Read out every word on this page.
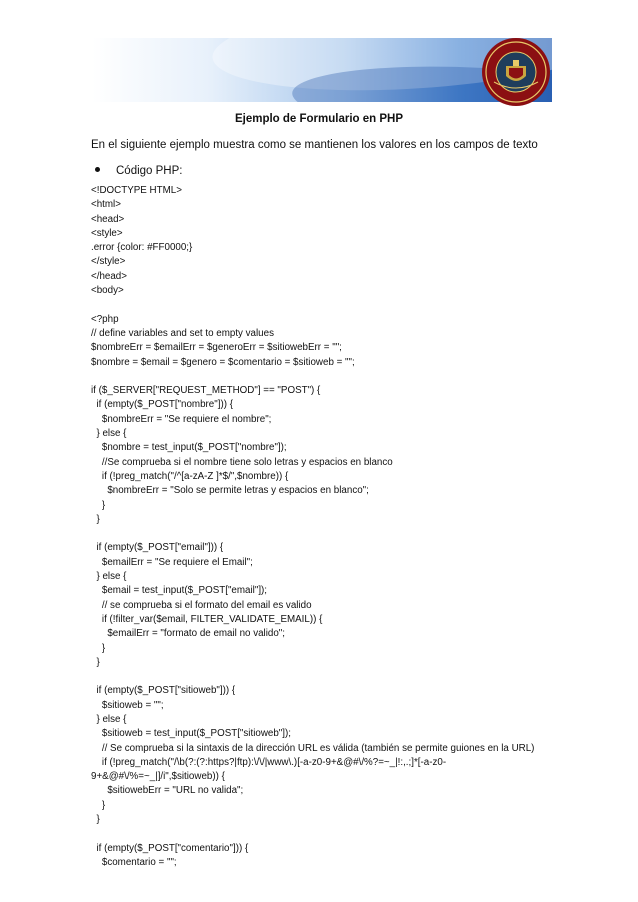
Ejemplo de Formulario en PHP
En el siguiente ejemplo muestra como se mantienen los valores en los campos de texto
Código PHP:
<!DOCTYPE HTML>
<html>
<head>
<style>
.error {color: #FF0000;}
</style>
</head>
<body>
<?php
// define variables and set to empty values
$nombreErr = $emailErr = $generoErr = $sitiowebErr = "";
$nombre = $email = $genero = $comentario = $sitioweb = "";
if ($_SERVER["REQUEST_METHOD"] == "POST") {
if (empty($_POST["nombre"])) {
$nombreErr = "Se requiere el nombre";
} else {
$nombre = test_input($_POST["nombre"]);
//Se comprueba si el nombre tiene solo letras y espacios en blanco
if (!preg_match("/^[a-zA-Z ]*$/",$nombre)) {
$nombreErr = "Solo se permite letras y espacios en blanco";
}
}
if (empty($_POST["email"])) {
$emailErr = "Se requiere el Email";
} else {
$email = test_input($_POST["email"]);
// se comprueba si el formato del email es valido
if (!filter_var($email, FILTER_VALIDATE_EMAIL)) {
$emailErr = "formato de email no valido";
}
}
if (empty($_POST["sitioweb"])) {
$sitioweb = "";
} else {
$sitioweb = test_input($_POST["sitioweb"]);
// Se comprueba si la sintaxis de la dirección URL es válida (también se permite guiones en la URL)
if (!preg_match("/\b(?:(?:https?|ftp):\/\/|www\.)[-a-z0-9+&@#\/%?=~_|!:,.;]*[-a-z0-
9+&@#\/%=~_|]/i",$sitioweb)) {
$sitiowebErr = "URL no valida";
}
}
if (empty($_POST["comentario"])) {
$comentario = "";
